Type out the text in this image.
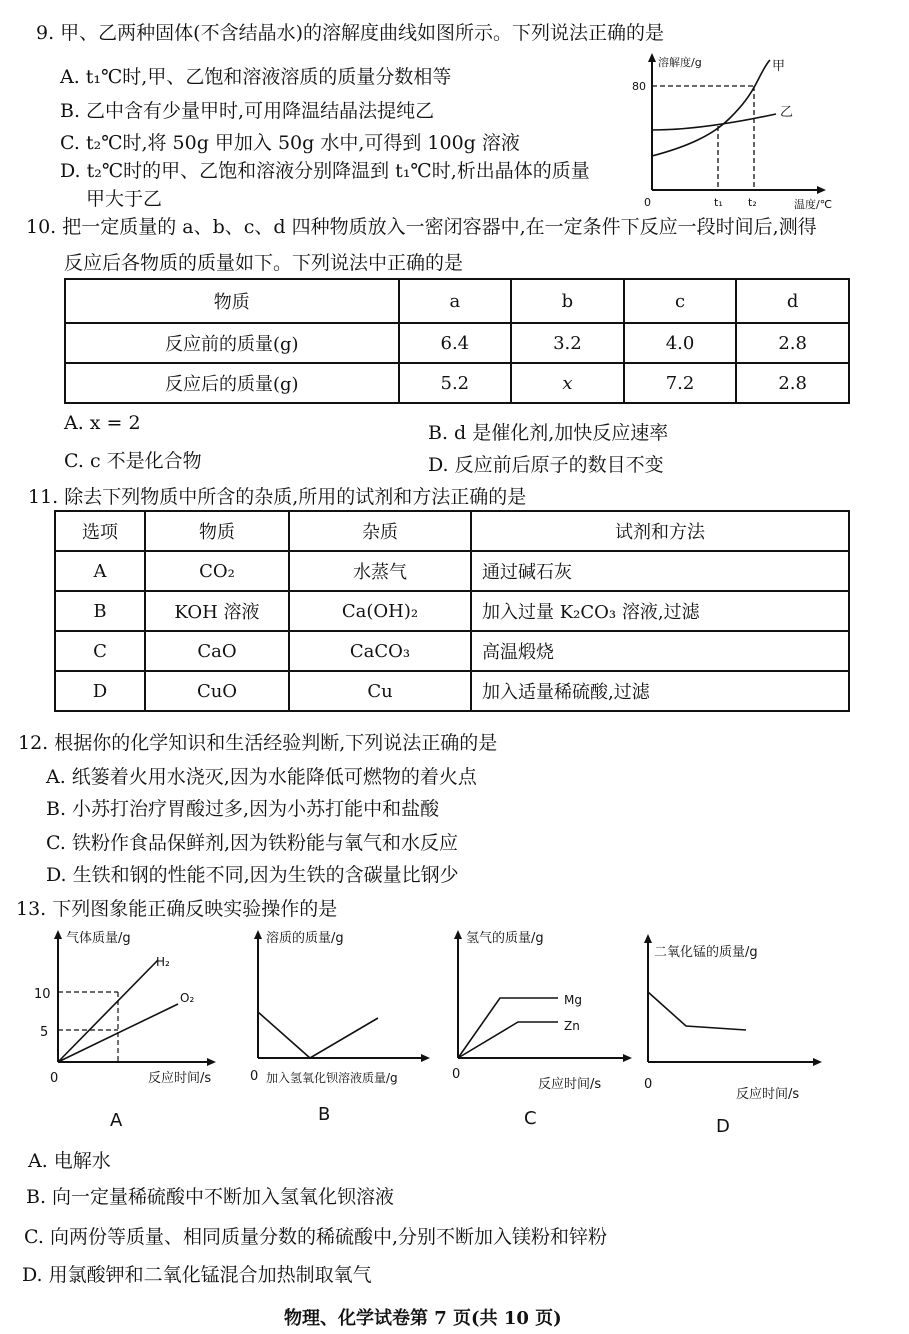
9. 甲、乙两种固体(不含结晶水)的溶解度曲线如图所示。下列说法正确的是
A. t₁℃时,甲、乙饱和溶液溶质的质量分数相等
B. 乙中含有少量甲时,可用降温结晶法提纯乙
C. t₂℃时,将 50g 甲加入 50g 水中,可得到 100g 溶液
D. t₂℃时的甲、乙饱和溶液分别降温到 t₁℃时,析出晶体的质量
甲大于乙
溶解度/g
温度/℃
80
0	t₁ t₂
甲
乙
10. 把一定质量的 a、b、c、d 四种物质放入一密闭容器中,在一定条件下反应一段时间后,测得
反应后各物质的质量如下。下列说法中正确的是
物质	a	b	c	d
反应前的质量(g)	6.4	3.2	4.0	2.8
反应后的质量(g)	5.2	x	7.2	2.8
A. x = 2	B. d 是催化剂,加快反应速率
C. c 不是化合物	D. 反应前后原子的数目不变
11. 除去下列物质中所含的杂质,所用的试剂和方法正确的是
选项	物质	杂质	试剂和方法
A	CO₂	水蒸气	通过碱石灰
B	KOH 溶液	Ca(OH)₂	加入过量 K₂CO₃ 溶液,过滤
C	CaO	CaCO₃	高温煅烧
D	CuO	Cu	加入适量稀硫酸,过滤
12. 根据你的化学知识和生活经验判断,下列说法正确的是
A. 纸篓着火用水浇灭,因为水能降低可燃物的着火点
B. 小苏打治疗胃酸过多,因为小苏打能中和盐酸
C. 铁粉作食品保鲜剂,因为铁粉能与氧气和水反应
D. 生铁和钢的性能不同,因为生铁的含碳量比钢少
13. 下列图象能正确反映实验操作的是
气体质量/g
10
5
0	反应时间/s
H₂
O₂
A
溶质的质量/g
0 加入氢氧化钡溶液质量/g
B
氢气的质量/g
0
反应时间/s
Mg
Zn
C
二氧化锰的质量/g
0
反应时间/s
D
A. 电解水
B. 向一定量稀硫酸中不断加入氢氧化钡溶液
C. 向两份等质量、相同质量分数的稀硫酸中,分别不断加入镁粉和锌粉
D. 用氯酸钾和二氧化锰混合加热制取氧气
物理、化学试卷第 7 页(共 10 页)
